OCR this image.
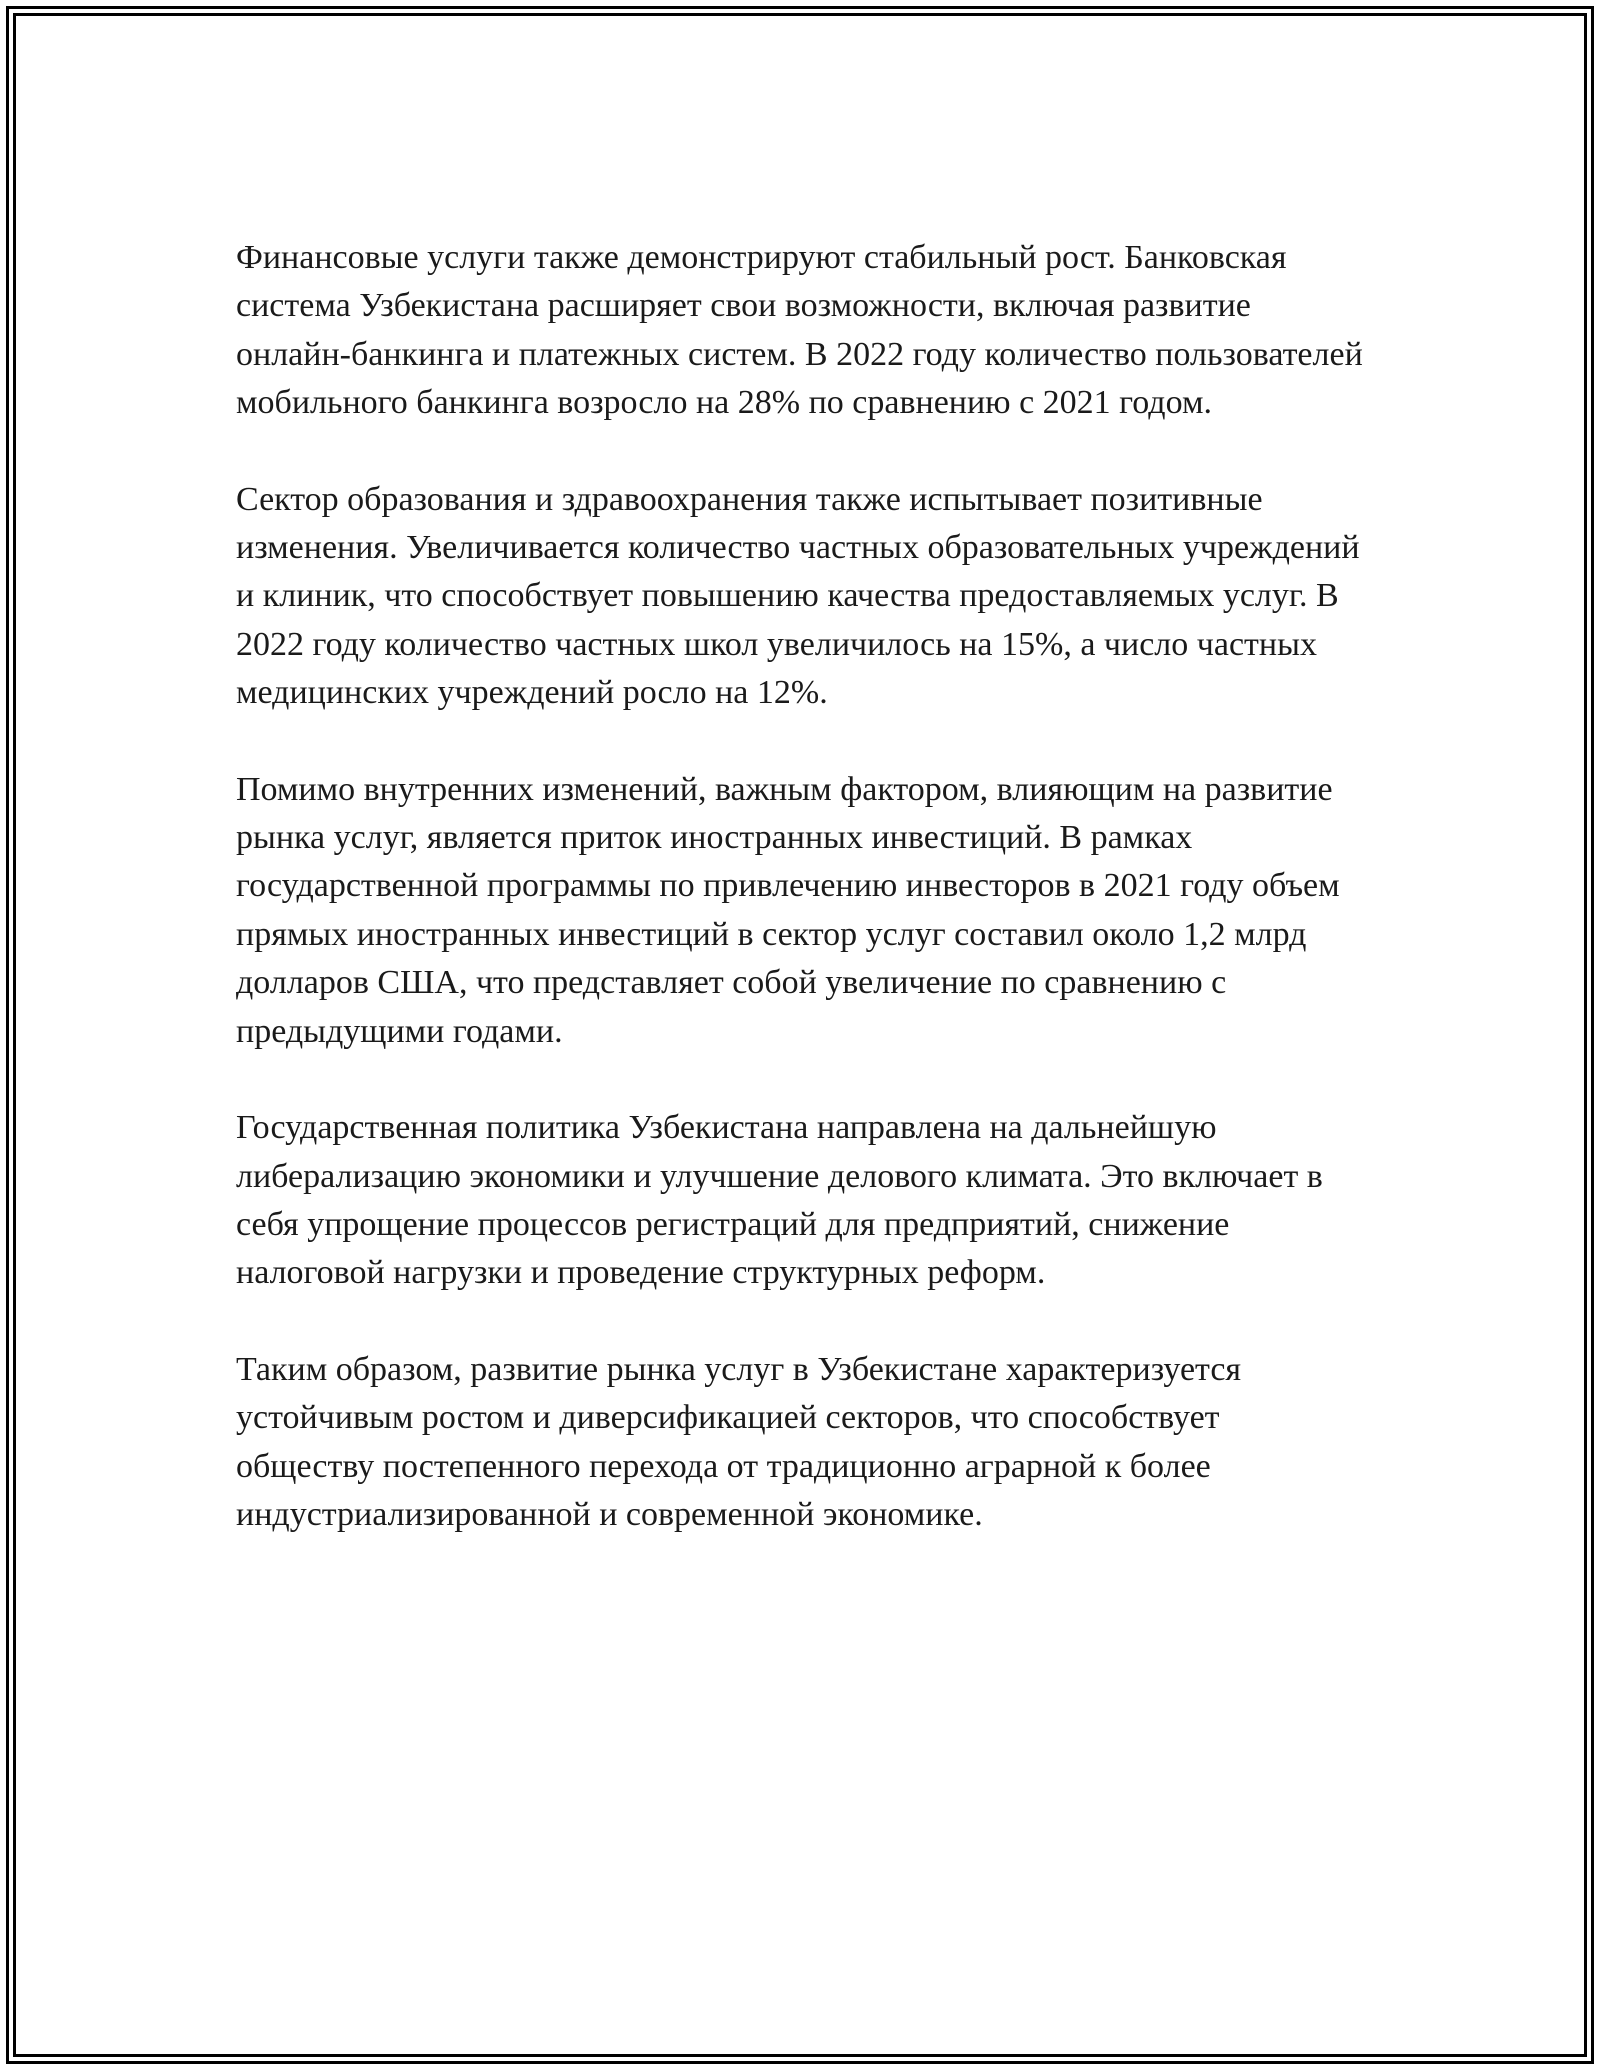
Финансовые услуги также демонстрируют стабильный рост. Банковская система Узбекистана расширяет свои возможности, включая развитие онлайн-банкинга и платежных систем. В 2022 году количество пользователей мобильного банкинга возросло на 28% по сравнению с 2021 годом.

Сектор образования и здравоохранения также испытывает позитивные изменения. Увеличивается количество частных образовательных учреждений и клиник, что способствует повышению качества предоставляемых услуг. В 2022 году количество частных школ увеличилось на 15%, а число частных медицинских учреждений росло на 12%.

Помимо внутренних изменений, важным фактором, влияющим на развитие рынка услуг, является приток иностранных инвестиций. В рамках государственной программы по привлечению инвесторов в 2021 году объем прямых иностранных инвестиций в сектор услуг составил около 1,2 млрд долларов США, что представляет собой увеличение по сравнению с предыдущими годами.

Государственная политика Узбекистана направлена на дальнейшую либерализацию экономики и улучшение делового климата. Это включает в себя упрощение процессов регистраций для предприятий, снижение налоговой нагрузки и проведение структурных реформ.

Таким образом, развитие рынка услуг в Узбекистане характеризуется устойчивым ростом и диверсификацией секторов, что способствует обществу постепенного перехода от традиционно аграрной к более индустриализированной и современной экономике.
